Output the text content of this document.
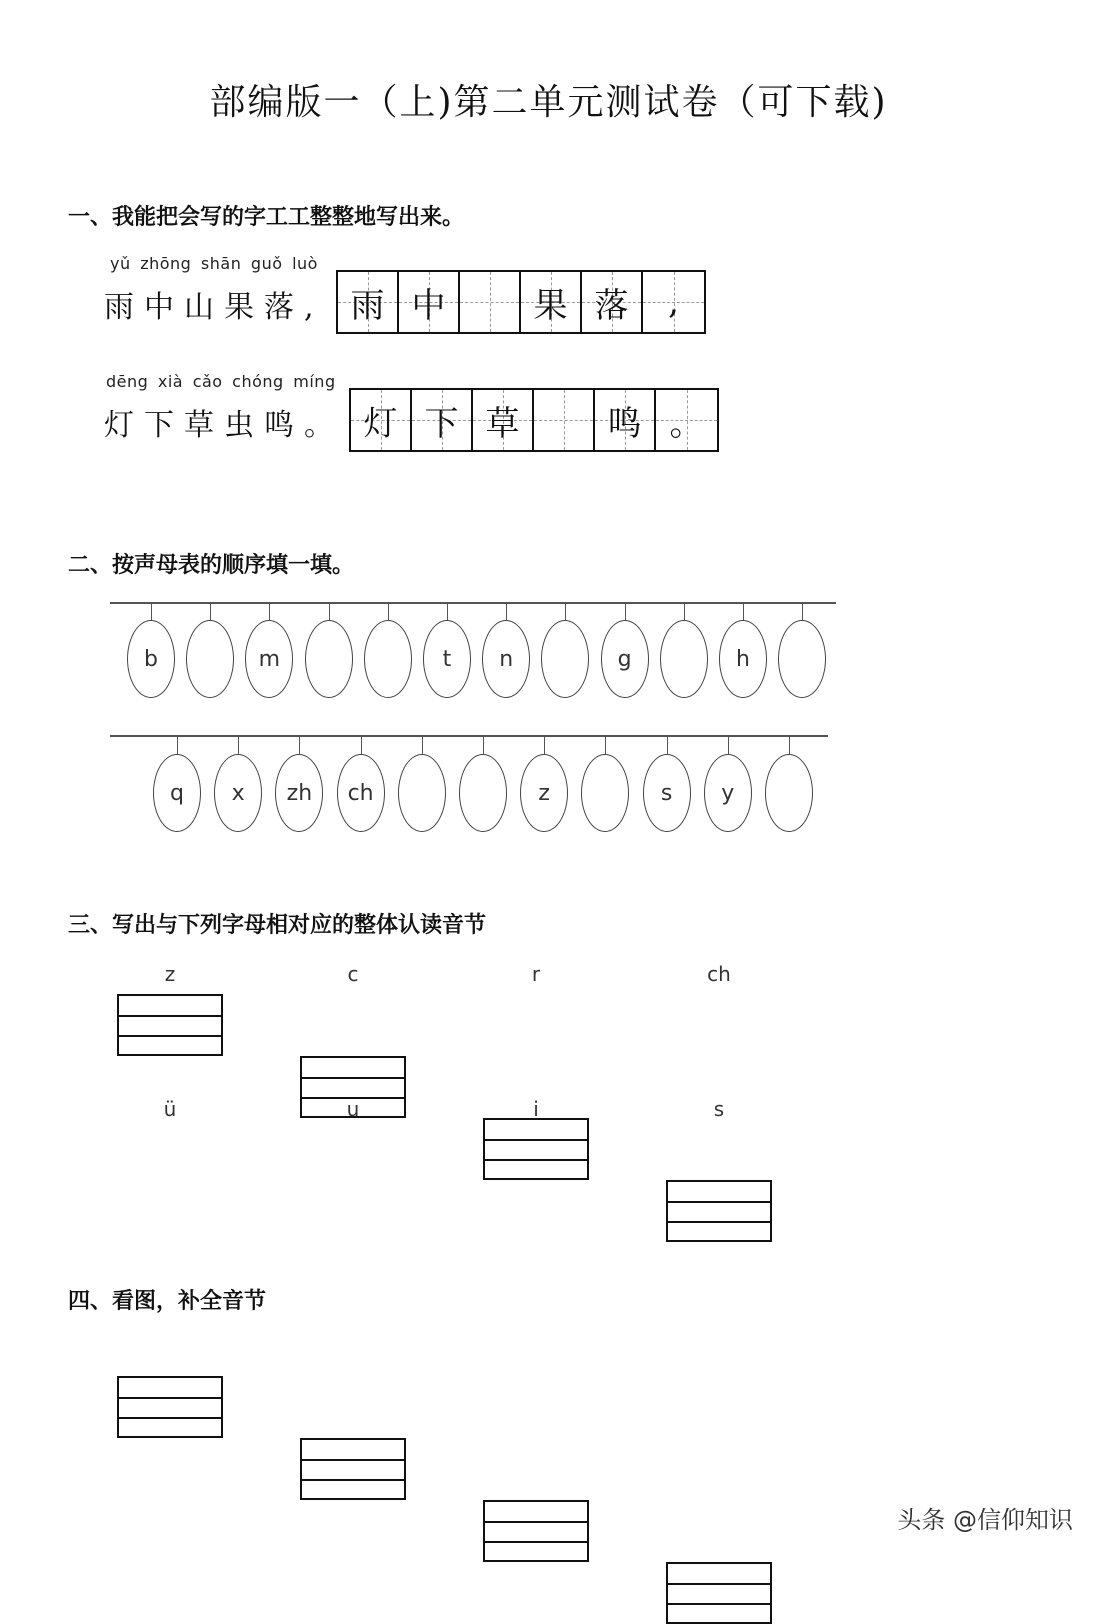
部编版一（上)第二单元测试卷（可下载)
一、我能把会写的字工工整整地写出来。
yǔ zhōng shān guǒ luò
雨中山果落, 雨 中	果 落 ,
dēng xià cǎo chóng míng
灯下草虫鸣。 灯 下 草	鸣 。
二、按声母表的顺序填一填。
b	m	t	n	g	h
q	x	zh	ch	z	s	y
三、写出与下列字母相对应的整体认读音节
z	c	r	ch
ü	u	i	s
四、看图，补全音节
头条 @信仰知识
